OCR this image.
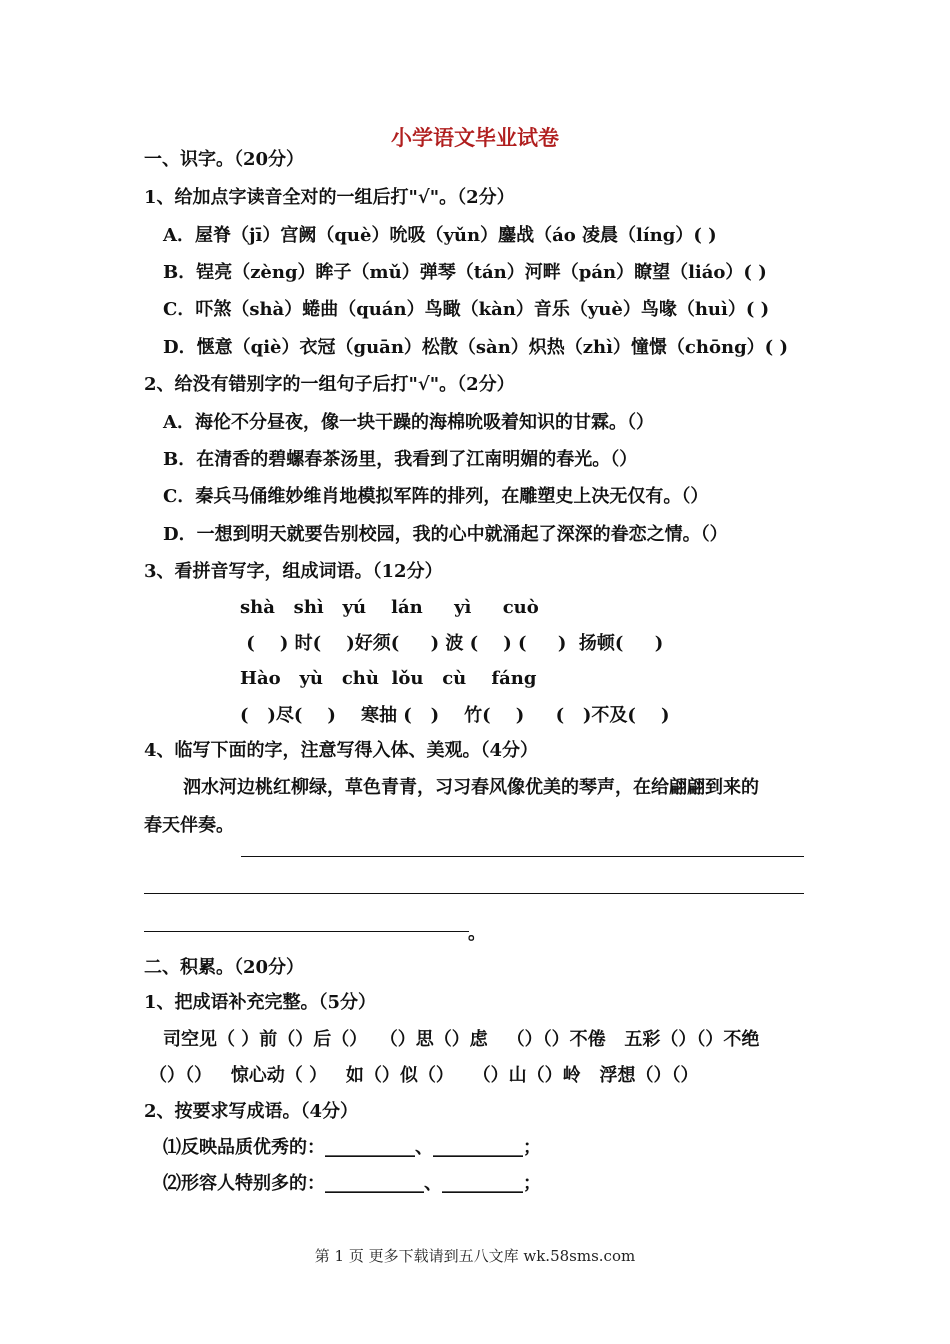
小学语文毕业试卷
一、识字。（20分）
1、给加点字读音全对的一组后打"√"。（2分）
A．屋脊（jī）宫阙（què）吮吸（yǔn）鏖战（áo 凌晨（líng）( )
B．锃亮（zèng）眸子（mǔ）弹琴（tán）河畔（pán）瞭望（liáo）( )
C．吓煞（shà）蜷曲（quán）鸟瞰（kàn）音乐（yuè）鸟喙（huì）( )
D．惬意（qiè）衣冠（guān）松散（sàn）炽热（zhì）憧憬（chōng）( )
2、给没有错别字的一组句子后打"√"。（2分）
A．海伦不分昼夜，像一块干躁的海棉吮吸着知识的甘霖。（）
B．在清香的碧螺春茶汤里，我看到了江南明媚的春光。（）
C．秦兵马俑维妙维肖地模拟军阵的排列，在雕塑史上决无仅有。（）
D．一想到明天就要告别校园，我的心中就涌起了深深的眷恋之情。（）
3、看拼音写字，组成词语。（12分）
shà   shì   yú    lán     yì     cuò
(    ) 时(    )好须(     ) 波 (    ) (     )  扬顿(     )
Hào   yù   chù  lǒu   cù    fáng
(   )尽(    )    寒抽 (   )    竹(    )     (   )不及(    )
4、临写下面的字，注意写得入体、美观。（4分）
泗水河边桃红柳绿，草色青青，习习春风像优美的琴声，在给翩翩到来的
春天伴奏。
。
二、积累。（20分）
1、把成语补充完整。（5分）
司空见（ ）前（）后（）  （）思（）虑   （）（）不倦   五彩（）（）不绝
（）（）   惊心动（ ）   如（）似（）   （）山（）岭   浮想（）（）
2、按要求写成语。（4分）
⑴反映品质优秀的：__________、__________；
⑵形容人特别多的：___________、_________；
第 1 页 更多下载请到五八文库 wk.58sms.com
